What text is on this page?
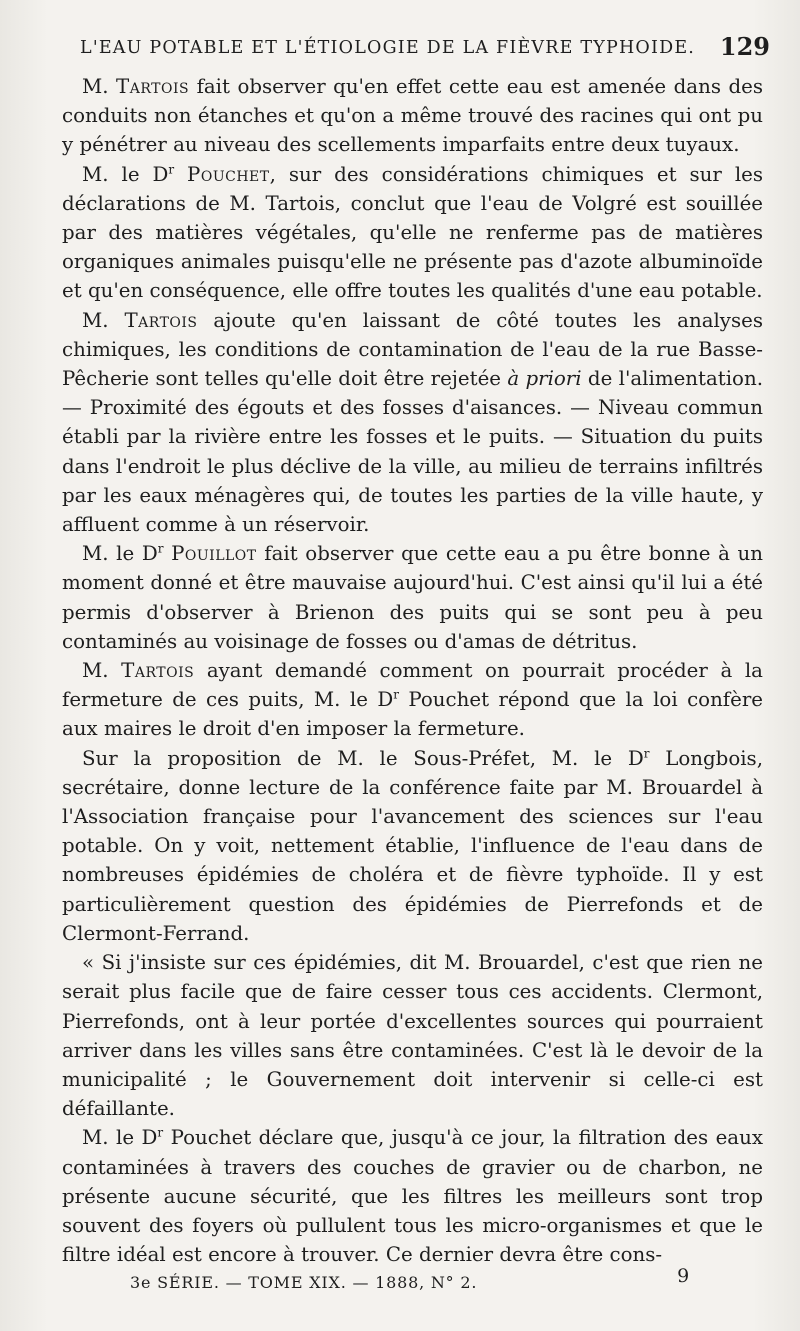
L'EAU POTABLE ET L'ÉTIOLOGIE DE LA FIÈVRE TYPHOIDE. 129

M. Tartois fait observer qu'en effet cette eau est amenée dans des conduits non étanches et qu'on a même trouvé des racines qui ont pu y pénétrer au niveau des scellements imparfaits entre deux tuyaux.

M. le $D^r$ Pouchet, sur des considérations chimiques et sur les déclarations de M. Tartois, conclut que l'eau de Volgré est souillée par des matières végétales, qu'elle ne renferme pas de matières organiques animales puisqu'elle ne présente pas d'azote albuminoïde et qu'en conséquence, elle offre toutes les qualités d'une eau potable.

M. Tartois ajoute qu'en laissant de côté toutes les analyses chimiques, les conditions de contamination de l'eau de la rue Basse-Pêcherie sont telles qu'elle doit être rejetée à priori de l'alimentation. — Proximité des égouts et des fosses d'aisances. — Niveau commun établi par la rivière entre les fosses et le puits. — Situation du puits dans l'endroit le plus déclive de la ville, au milieu de terrains infiltrés par les eaux ménagères qui, de toutes les parties de la ville haute, y affluent comme à un réservoir.

M. le $D^r$ Pouillot fait observer que cette eau a pu être bonne à un moment donné et être mauvaise aujourd'hui. C'est ainsi qu'il lui a été permis d'observer à Brienon des puits qui se sont peu à peu contaminés au voisinage de fosses ou d'amas de détritus.

M. Tartois ayant demandé comment on pourrait procéder à la fermeture de ces puits, M. le $D^r$ Pouchet répond que la loi confère aux maires le droit d'en imposer la fermeture.

Sur la proposition de M. le Sous-Préfet, M. le $D^r$ Longbois, secrétaire, donne lecture de la conférence faite par M. Brouardel à l'Association française pour l'avancement des sciences sur l'eau potable. On y voit, nettement établie, l'influence de l'eau dans de nombreuses épidémies de choléra et de fièvre typhoïde. Il y est particulièrement question des épidémies de Pierrefonds et de Clermont-Ferrand.

« Si j'insiste sur ces épidémies, dit M. Brouardel, c'est que rien ne serait plus facile que de faire cesser tous ces accidents. Clermont, Pierrefonds, ont à leur portée d'excellentes sources qui pourraient arriver dans les villes sans être contaminées. C'est là le devoir de la municipalité ; le Gouvernement doit intervenir si celle-ci est défaillante.

M. le $D^r$ Pouchet déclare que, jusqu'à ce jour, la filtration des eaux contaminées à travers des couches de gravier ou de charbon, ne présente aucune sécurité, que les filtres les meilleurs sont trop souvent des foyers où pullulent tous les micro-organismes et que le filtre idéal est encore à trouver. Ce dernier devra être cons-

3e SÉRIE. — TOME XIX. — 1888, N° 2.	9
